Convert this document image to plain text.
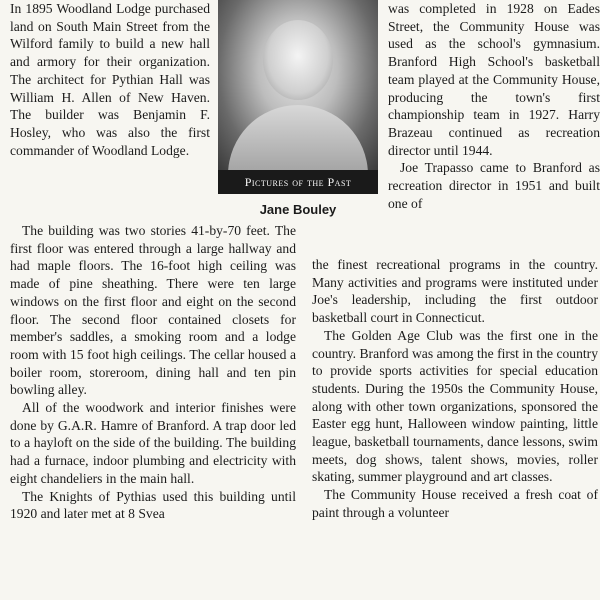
In 1895 Woodland Lodge purchased land on South Main Street from the Wilford family to build a new hall and armory for their organization. The architect for Pythian Hall was William H. Allen of New Haven. The builder was Benjamin F. Hosley, who was also the first commander of Woodland Lodge.

Pictures of the Past
Jane Bouley

The building was two stories 41-by-70 feet. The first floor was entered through a large hallway and had maple floors. The 16-foot high ceiling was made of pine sheathing. There were ten large windows on the first floor and eight on the second floor. The second floor contained closets for member's saddles, a smoking room and a lodge room with 15 foot high ceilings. The cellar housed a boiler room, storeroom, dining hall and ten pin bowling alley.

All of the woodwork and interior finishes were done by G.A.R. Hamre of Branford. A trap door led to a hayloft on the side of the building. The building had a furnace, indoor plumbing and electricity with eight chandeliers in the main hall.

The Knights of Pythias used this building until 1920 and later met at 8 Svea

was completed in 1928 on Eades Street, the Community House was used as the school's gymnasium. Branford High School's basketball team played at the Community House, producing the town's first championship team in 1927. Harry Brazeau continued as recreation director until 1944.

Joe Trapasso came to Branford as recreation director in 1951 and built one of

the finest recreational programs in the country. Many activities and programs were instituted under Joe's leadership, including the first outdoor basketball court in Connecticut.

The Golden Age Club was the first one in the country. Branford was among the first in the country to provide sports activities for special education students. During the 1950s the Community House, along with other town organizations, sponsored the Easter egg hunt, Halloween window painting, little league, basketball tournaments, dance lessons, swim meets, dog shows, talent shows, movies, roller skating, summer playground and art classes.

The Community House received a fresh coat of paint through a volunteer
